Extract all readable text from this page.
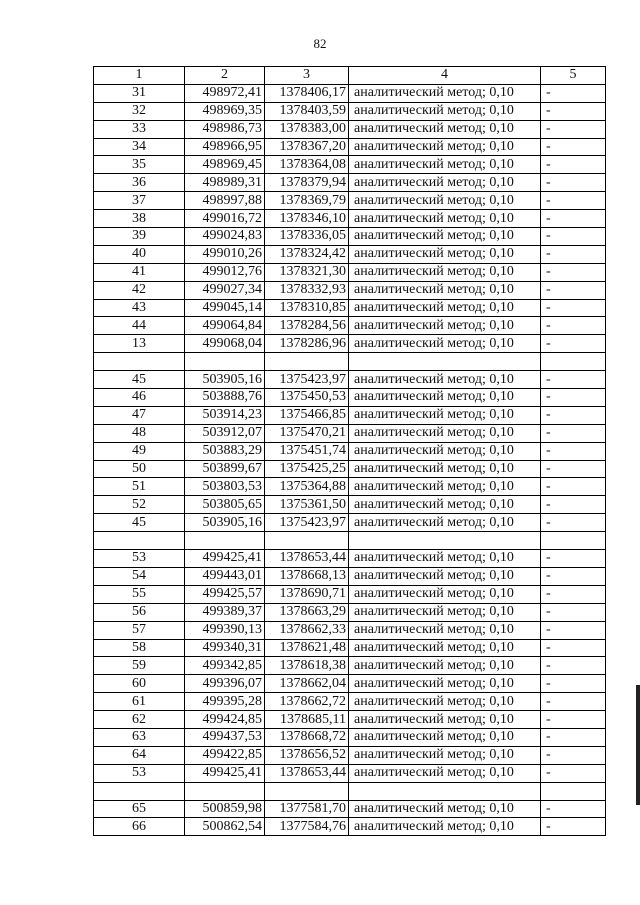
82
1	2	3	4	5
31	498972,41	1378406,17	аналитический метод; 0,10	-
32	498969,35	1378403,59	аналитический метод; 0,10	-
33	498986,73	1378383,00	аналитический метод; 0,10	-
34	498966,95	1378367,20	аналитический метод; 0,10	-
35	498969,45	1378364,08	аналитический метод; 0,10	-
36	498989,31	1378379,94	аналитический метод; 0,10	-
37	498997,88	1378369,79	аналитический метод; 0,10	-
38	499016,72	1378346,10	аналитический метод; 0,10	-
39	499024,83	1378336,05	аналитический метод; 0,10	-
40	499010,26	1378324,42	аналитический метод; 0,10	-
41	499012,76	1378321,30	аналитический метод; 0,10	-
42	499027,34	1378332,93	аналитический метод; 0,10	-
43	499045,14	1378310,85	аналитический метод; 0,10	-
44	499064,84	1378284,56	аналитический метод; 0,10	-
13	499068,04	1378286,96	аналитический метод; 0,10	-

45	503905,16	1375423,97	аналитический метод; 0,10	-
46	503888,76	1375450,53	аналитический метод; 0,10	-
47	503914,23	1375466,85	аналитический метод; 0,10	-
48	503912,07	1375470,21	аналитический метод; 0,10	-
49	503883,29	1375451,74	аналитический метод; 0,10	-
50	503899,67	1375425,25	аналитический метод; 0,10	-
51	503803,53	1375364,88	аналитический метод; 0,10	-
52	503805,65	1375361,50	аналитический метод; 0,10	-
45	503905,16	1375423,97	аналитический метод; 0,10	-

53	499425,41	1378653,44	аналитический метод; 0,10	-
54	499443,01	1378668,13	аналитический метод; 0,10	-
55	499425,57	1378690,71	аналитический метод; 0,10	-
56	499389,37	1378663,29	аналитический метод; 0,10	-
57	499390,13	1378662,33	аналитический метод; 0,10	-
58	499340,31	1378621,48	аналитический метод; 0,10	-
59	499342,85	1378618,38	аналитический метод; 0,10	-
60	499396,07	1378662,04	аналитический метод; 0,10	-
61	499395,28	1378662,72	аналитический метод; 0,10	-
62	499424,85	1378685,11	аналитический метод; 0,10	-
63	499437,53	1378668,72	аналитический метод; 0,10	-
64	499422,85	1378656,52	аналитический метод; 0,10	-
53	499425,41	1378653,44	аналитический метод; 0,10	-

65	500859,98	1377581,70	аналитический метод; 0,10	-
66	500862,54	1377584,76	аналитический метод; 0,10	-
